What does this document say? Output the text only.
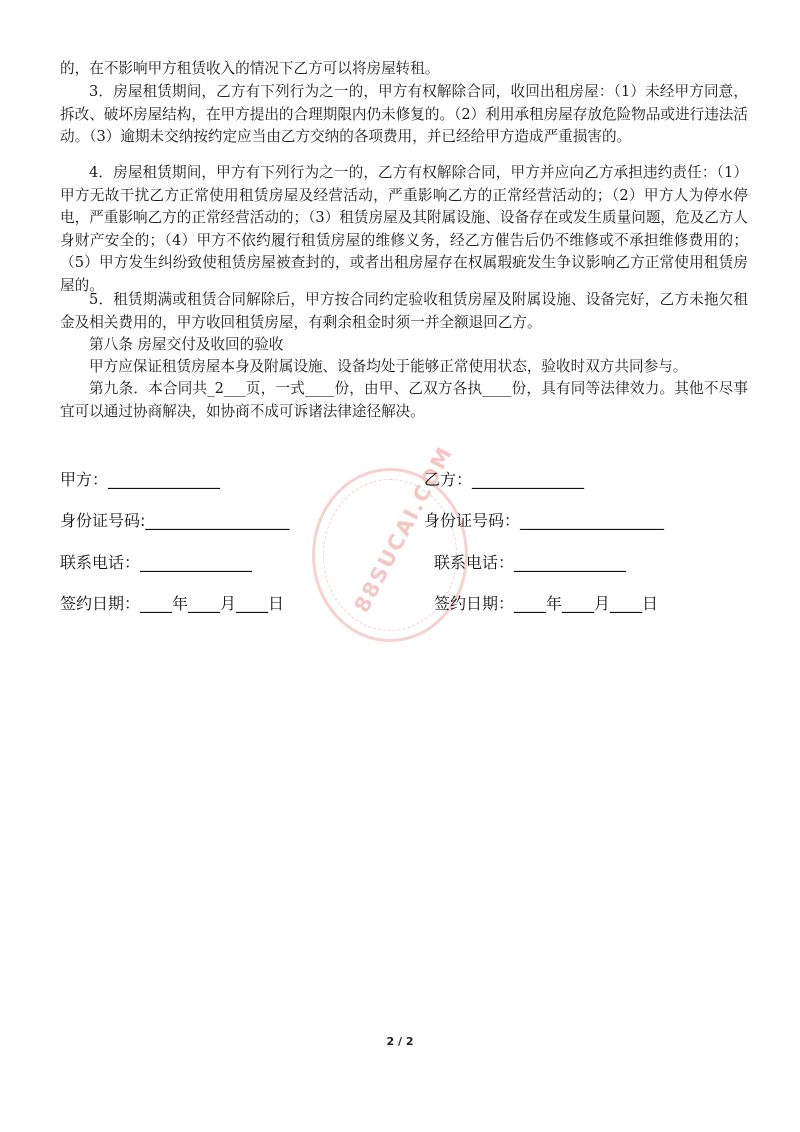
的，在不影响甲方租赁收入的情况下乙方可以将房屋转租。

3．房屋租赁期间，乙方有下列行为之一的，甲方有权解除合同，收回出租房屋：（1）未经甲方同意，拆改、破坏房屋结构，在甲方提出的合理期限内仍未修复的。（2）利用承租房屋存放危险物品或进行违法活动。（3）逾期未交纳按约定应当由乙方交纳的各项费用，并已经给甲方造成严重损害的。

4．房屋租赁期间，甲方有下列行为之一的，乙方有权解除合同，甲方并应向乙方承担违约责任：（1）甲方无故干扰乙方正常使用租赁房屋及经营活动，严重影响乙方的正常经营活动的；（2）甲方人为停水停电，严重影响乙方的正常经营活动的；（3）租赁房屋及其附属设施、设备存在或发生质量问题，危及乙方人身财产安全的；（4）甲方不依约履行租赁房屋的维修义务，经乙方催告后仍不维修或不承担维修费用的；（5）甲方发生纠纷致使租赁房屋被查封的，或者出租房屋存在权属瑕疵发生争议影响乙方正常使用租赁房屋的。

5．租赁期满或租赁合同解除后，甲方按合同约定验收租赁房屋及附属设施、设备完好，乙方未拖欠租金及相关费用的，甲方收回租赁房屋，有剩余租金时须一并全额退回乙方。

第八条 房屋交付及收回的验收

甲方应保证租赁房屋本身及附属设施、设备均处于能够正常使用状态，验收时双方共同参与。

第九条．本合同共_2___页，一式____份，由甲、乙双方各执____份，具有同等法律效力。其他不尽事宜可以通过协商解决，如协商不成可诉诸法律途径解决。

88SUCAI.COM
甲方：______________	乙方：______________
身份证号码:__________________	身份证号码：__________________
联系电话：______________	联系电话：______________
签约日期：____年____月____日	签约日期：____年____月____日
2 / 2
